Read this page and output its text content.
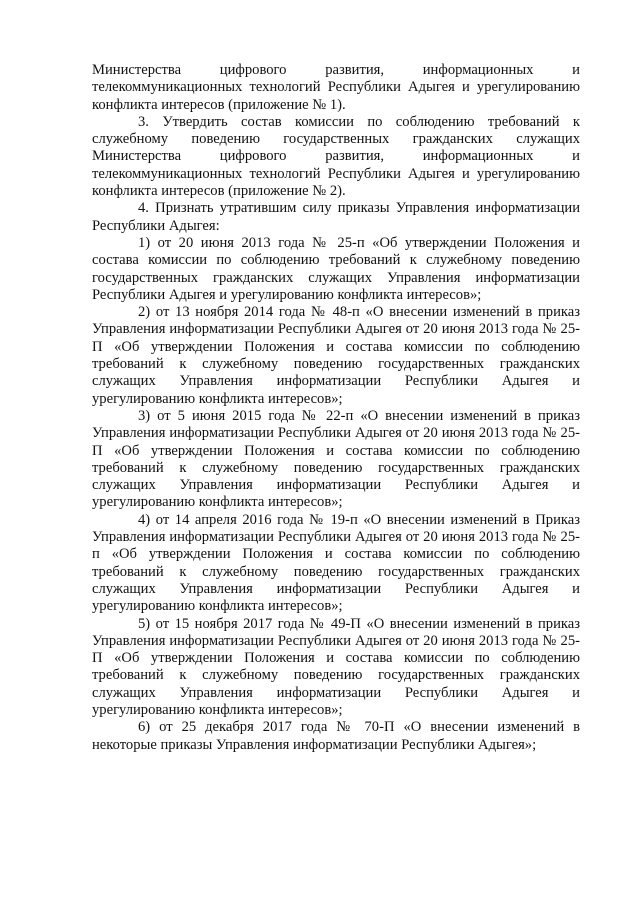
Министерства цифрового развития, информационных и телекоммуникационных технологий Республики Адыгея и урегулированию конфликта интересов (приложение № 1).

3. Утвердить состав комиссии по соблюдению требований к служебному поведению государственных гражданских служащих Министерства цифрового развития, информационных и телекоммуникационных технологий Республики Адыгея и урегулированию конфликта интересов (приложение № 2).

4. Признать утратившим силу приказы Управления информатизации Республики Адыгея:

1) от 20 июня 2013 года № 25-п «Об утверждении Положения и состава комиссии по соблюдению требований к служебному поведению государственных гражданских служащих Управления информатизации Республики Адыгея и урегулированию конфликта интересов»;

2) от 13 ноября 2014 года № 48-п «О внесении изменений в приказ Управления информатизации Республики Адыгея от 20 июня 2013 года № 25-П «Об утверждении Положения и состава комиссии по соблюдению требований к служебному поведению государственных гражданских служащих Управления информатизации Республики Адыгея и урегулированию конфликта интересов»;

3) от 5 июня 2015 года № 22-п «О внесении изменений в приказ Управления информатизации Республики Адыгея от 20 июня 2013 года № 25-П «Об утверждении Положения и состава комиссии по соблюдению требований к служебному поведению государственных гражданских служащих Управления информатизации Республики Адыгея и урегулированию конфликта интересов»;

4) от 14 апреля 2016 года № 19-п «О внесении изменений в Приказ Управления информатизации Республики Адыгея от 20 июня 2013 года № 25-п «Об утверждении Положения и состава комиссии по соблюдению требований к служебному поведению государственных гражданских служащих Управления информатизации Республики Адыгея и урегулированию конфликта интересов»;

5) от 15 ноября 2017 года № 49-П «О внесении изменений в приказ Управления информатизации Республики Адыгея от 20 июня 2013 года № 25-П «Об утверждении Положения и состава комиссии по соблюдению требований к служебному поведению государственных гражданских служащих Управления информатизации Республики Адыгея и урегулированию конфликта интересов»;

6) от 25 декабря 2017 года № 70-П «О внесении изменений в некоторые приказы Управления информатизации Республики Адыгея»;
